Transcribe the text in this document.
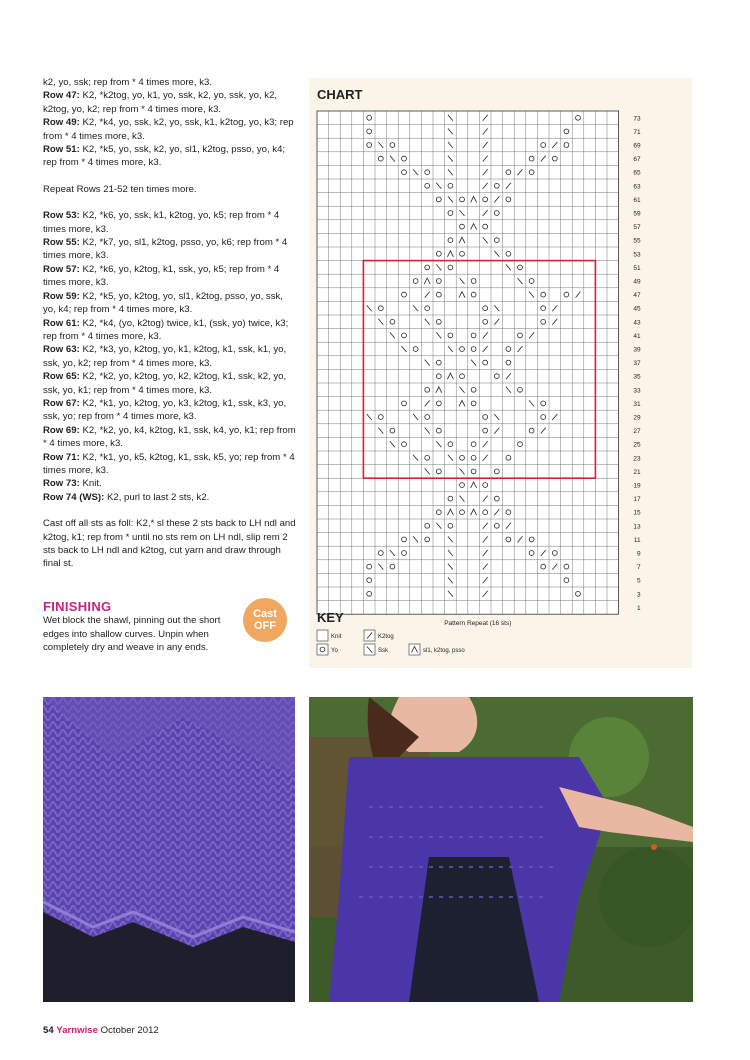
k2, yo, ssk; rep from * 4 times more, k3.

Row 47: K2, *k2tog, yo, k1, yo, ssk, k2, yo, ssk, yo, k2, k2tog, yo, k2; rep from * 4 times more, k3.

Row 49: K2, *k4, yo, ssk, k2, yo, ssk, k1, k2tog, yo, k3; rep from * 4 times more, k3.

Row 51: K2, *k5, yo, ssk, k2, yo, sl1, k2tog, psso, yo, k4; rep from * 4 times more, k3.

Repeat Rows 21-52 ten times more.

Row 53: K2, *k6, yo, ssk, k1, k2tog, yo, k5; rep from * 4 times more, k3.

Row 55: K2, *k7, yo, sl1, k2tog, psso, yo, k6; rep from * 4 times more, k3.

Row 57: K2, *k6, yo, k2tog, k1, ssk, yo, k5; rep from * 4 times more, k3.

Row 59: K2, *k5, yo, k2tog, yo, sl1, k2tog, psso, yo, ssk, yo, k4; rep from * 4 times more, k3.

Row 61: K2, *k4, (yo, k2tog) twice, k1, (ssk, yo) twice, k3; rep from * 4 times more, k3.

Row 63: K2, *k3, yo, k2tog, yo, k1, k2tog, k1, ssk, k1, yo, ssk, yo, k2; rep from * 4 times more, k3.

Row 65: K2, *k2, yo, k2tog, yo, k2, k2tog, k1, ssk, k2, yo, ssk, yo, k1; rep from * 4 times more, k3.

Row 67: K2, *k1, yo, k2tog, yo, k3, k2tog, k1, ssk, k3, yo, ssk, yo; rep from * 4 times more, k3.

Row 69: K2, *k2, yo, k4, k2tog, k1, ssk, k4, yo, k1; rep from * 4 times more, k3.

Row 71: K2, *k1, yo, k5, k2tog, k1, ssk, k5, yo; rep from * 4 times more, k3.

Row 73: Knit.

Row 74 (WS): K2, purl to last 2 sts, k2.

Cast off all sts as foll: K2,* sl these 2 sts back to LH ndl and k2tog, k1; rep from * until no sts rem on LH ndl, slip rem 2 sts back to LH ndl and k2tog, cut yarn and draw through final st.

FINISHING

Wet block the shawl, pinning out the short edges into shallow curves. Unpin when completely dry and weave in any ends.

Cast
OFF
CHART
73
71
69
67
65
63
61
59
57
55
53
51
49
47
45
43
41
39
37
35
33
31
29
27
25
23
21
19
17
15
13
11
9
7
5
3
1
Pattern Repeat (16 sts)
Knit
Yo
K2tog
Ssk	sl1, k2tog, psso
KEY
54 Yarnwise October 2012
